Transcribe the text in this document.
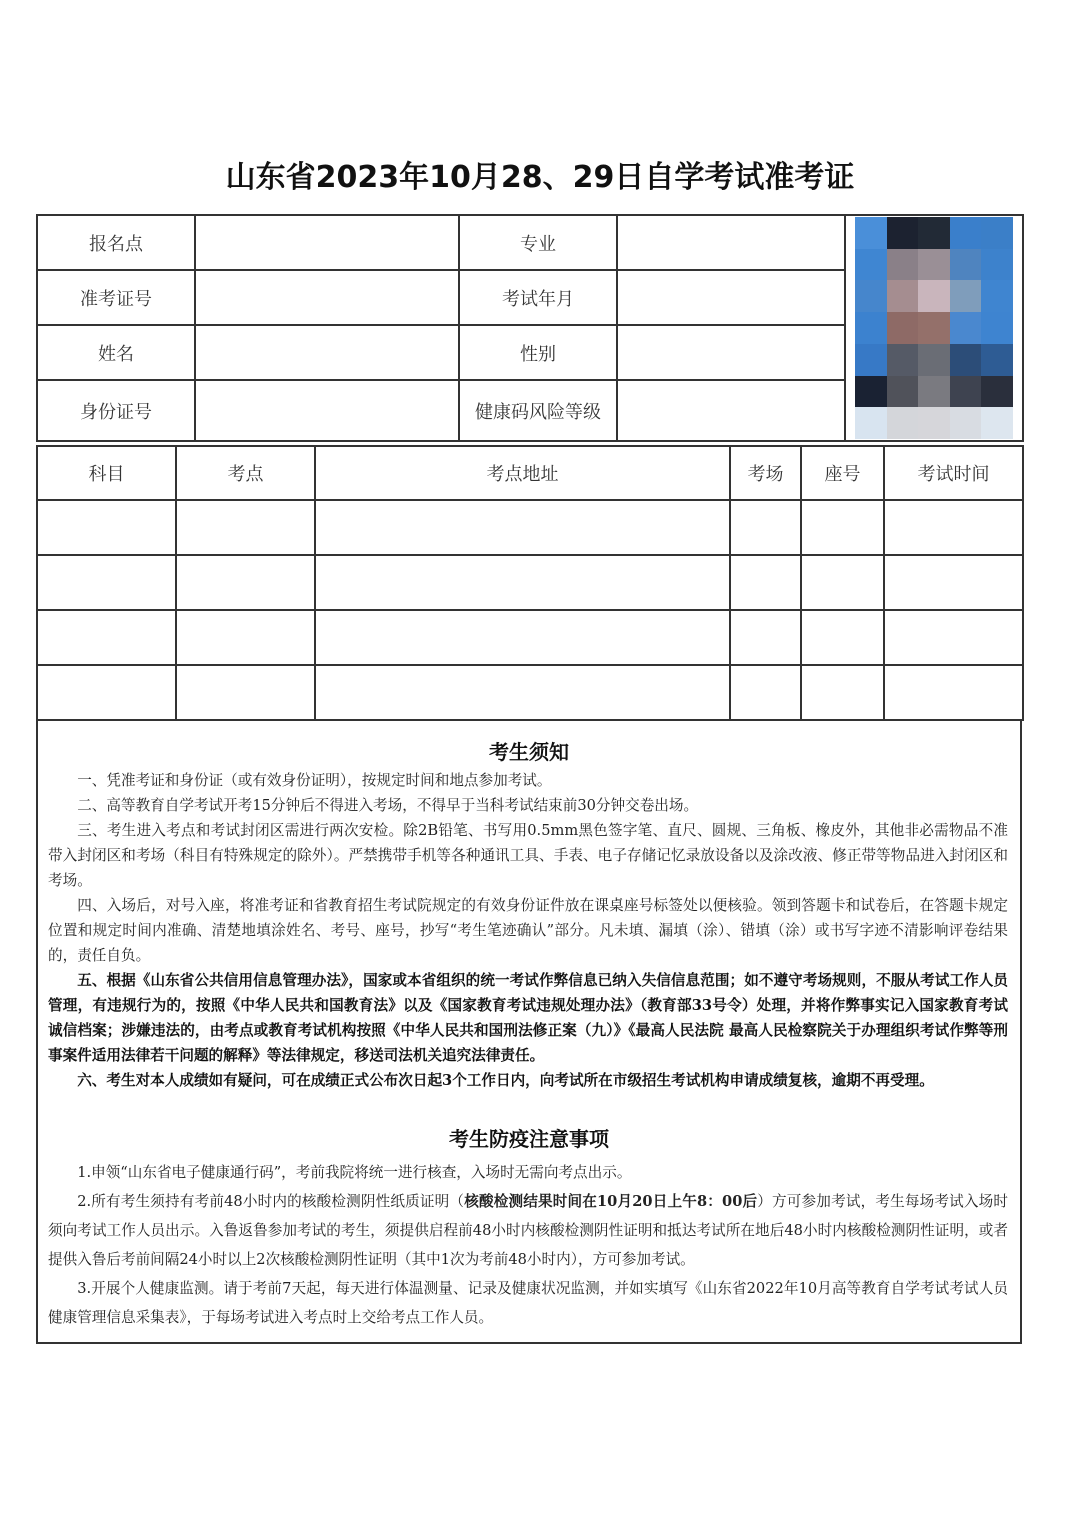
山东省2023年10月28、29日自学考试准考证
报名点		专业		

准考证号		考试年月		
姓名		性别		
身份证号		健康码风险等级		
科目	考点	考点地址	考场	座号	考试时间

考生须知

一、凭准考证和身份证（或有效身份证明），按规定时间和地点参加考试。

二、高等教育自学考试开考15分钟后不得进入考场，不得早于当科考试结束前30分钟交卷出场。

三、考生进入考点和考试封闭区需进行两次安检。除2B铅笔、书写用0.5mm黑色签字笔、直尺、圆规、三角板、橡皮外，其他非必需物品不准带入封闭区和考场（科目有特殊规定的除外）。严禁携带手机等各种通讯工具、手表、电子存储记忆录放设备以及涂改液、修正带等物品进入封闭区和考场。

四、入场后，对号入座，将准考证和省教育招生考试院规定的有效身份证件放在课桌座号标签处以便核验。领到答题卡和试卷后，在答题卡规定位置和规定时间内准确、清楚地填涂姓名、考号、座号，抄写“考生笔迹确认”部分。凡未填、漏填（涂）、错填（涂）或书写字迹不清影响评卷结果的，责任自负。

五、根据《山东省公共信用信息管理办法》，国家或本省组织的统一考试作弊信息已纳入失信信息范围；如不遵守考场规则，不服从考试工作人员管理，有违规行为的，按照《中华人民共和国教育法》以及《国家教育考试违规处理办法》（教育部33号令）处理，并将作弊事实记入国家教育考试诚信档案；涉嫌违法的，由考点或教育考试机构按照《中华人民共和国刑法修正案（九）》《最高人民法院 最高人民检察院关于办理组织考试作弊等刑事案件适用法律若干问题的解释》等法律规定，移送司法机关追究法律责任。

六、考生对本人成绩如有疑问，可在成绩正式公布次日起3个工作日内，向考试所在市级招生考试机构申请成绩复核，逾期不再受理。

考生防疫注意事项

1.申领“山东省电子健康通行码”，考前我院将统一进行核查，入场时无需向考点出示。

2.所有考生须持有考前48小时内的核酸检测阴性纸质证明（核酸检测结果时间在10月20日上午8：00后）方可参加考试，考生每场考试入场时须向考试工作人员出示。入鲁返鲁参加考试的考生，须提供启程前48小时内核酸检测阴性证明和抵达考试所在地后48小时内核酸检测阴性证明，或者提供入鲁后考前间隔24小时以上2次核酸检测阴性证明（其中1次为考前48小时内），方可参加考试。

3.开展个人健康监测。请于考前7天起，每天进行体温测量、记录及健康状况监测，并如实填写《山东省2022年10月高等教育自学考试考试人员健康管理信息采集表》，于每场考试进入考点时上交给考点工作人员。
